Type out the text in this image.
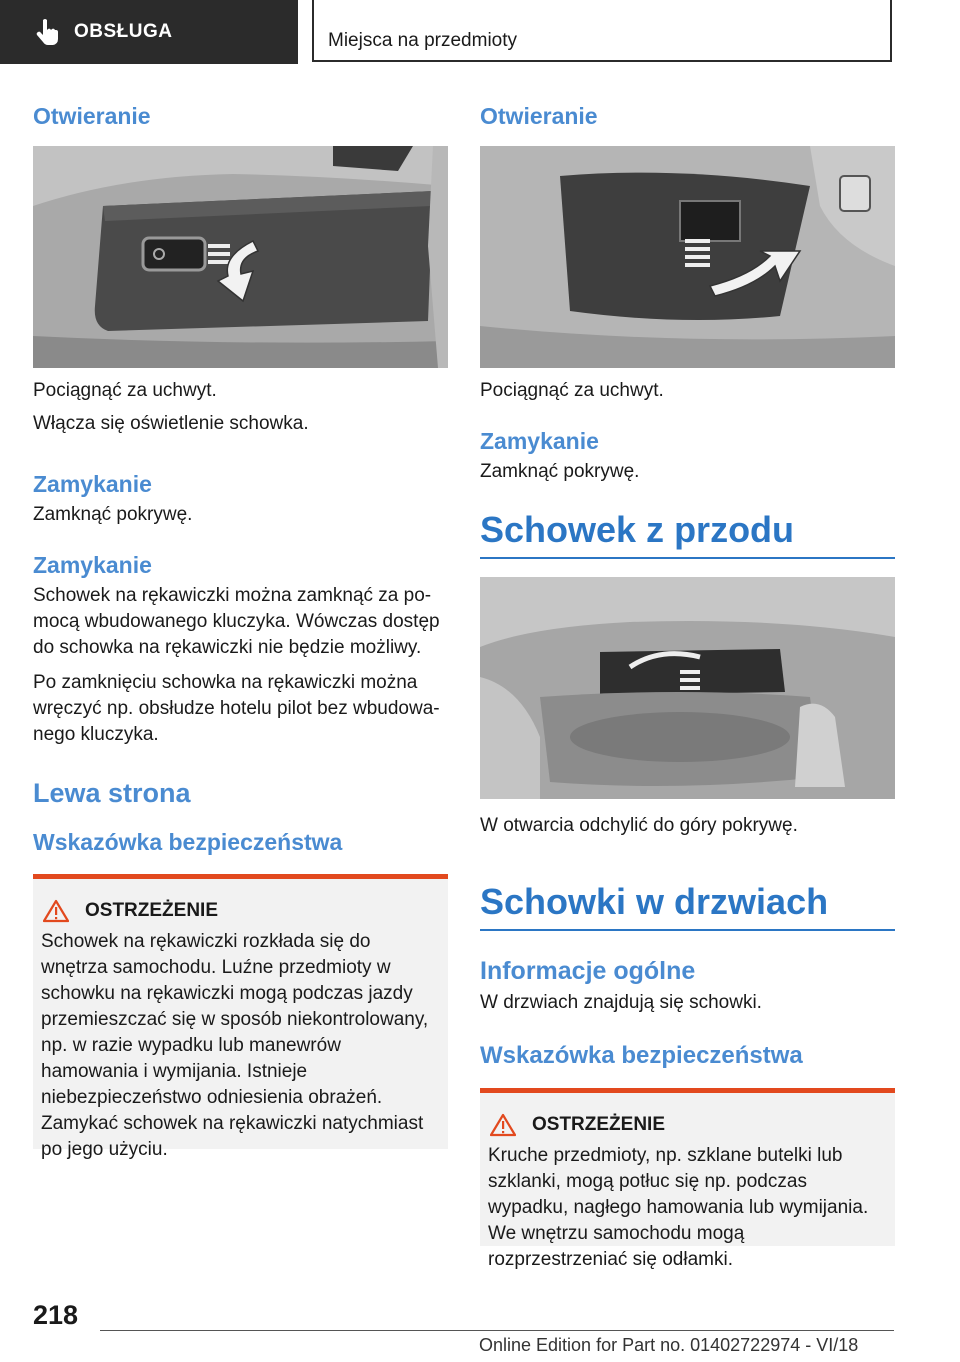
OBSŁUGA	Miejsca na przedmioty
Otwieranie

Pociągnąć za uchwyt.

Włącza się oświetlenie schowka.

Zamykanie

Zamknąć pokrywę.

Zamykanie

Schowek na rękawiczki można zamknąć za pomocą wbudowanego kluczyka. Wówczas dostęp do schowka na rękawiczki nie będzie możliwy.

Po zamknięciu schowka na rękawiczki można wręczyć np. obsłudze hotelu pilot bez wbudowanego kluczyka.

Lewa strona
Wskazówka bezpieczeństwa
OSTRZEŻENIE

Schowek na rękawiczki rozkłada się do wnętrza samochodu. Luźne przedmioty w schowku na rękawiczki mogą podczas jazdy przemieszczać się w sposób niekontrolowany, np. w razie wypadku lub manewrów hamowania i wymijania. Istnieje niebezpieczeństwo odniesienia obrażeń. Zamykać schowek na rękawiczki natychmiast po jego użyciu.

Otwieranie

Pociągnąć za uchwyt.

Zamykanie

Zamknąć pokrywę.

Schowek z przodu

W otwarcia odchylić do góry pokrywę.

Schowki w drzwiach
Informacje ogólne

W drzwiach znajdują się schowki.

Wskazówka bezpieczeństwa
OSTRZEŻENIE

Kruche przedmioty, np. szklane butelki lub szklanki, mogą potłuc się np. podczas wypadku, nagłego hamowania lub wymijania. We wnętrzu samochodu mogą rozprzestrzeniać się odłamki.

218
Online Edition for Part no. 01402722974 - VI/18
